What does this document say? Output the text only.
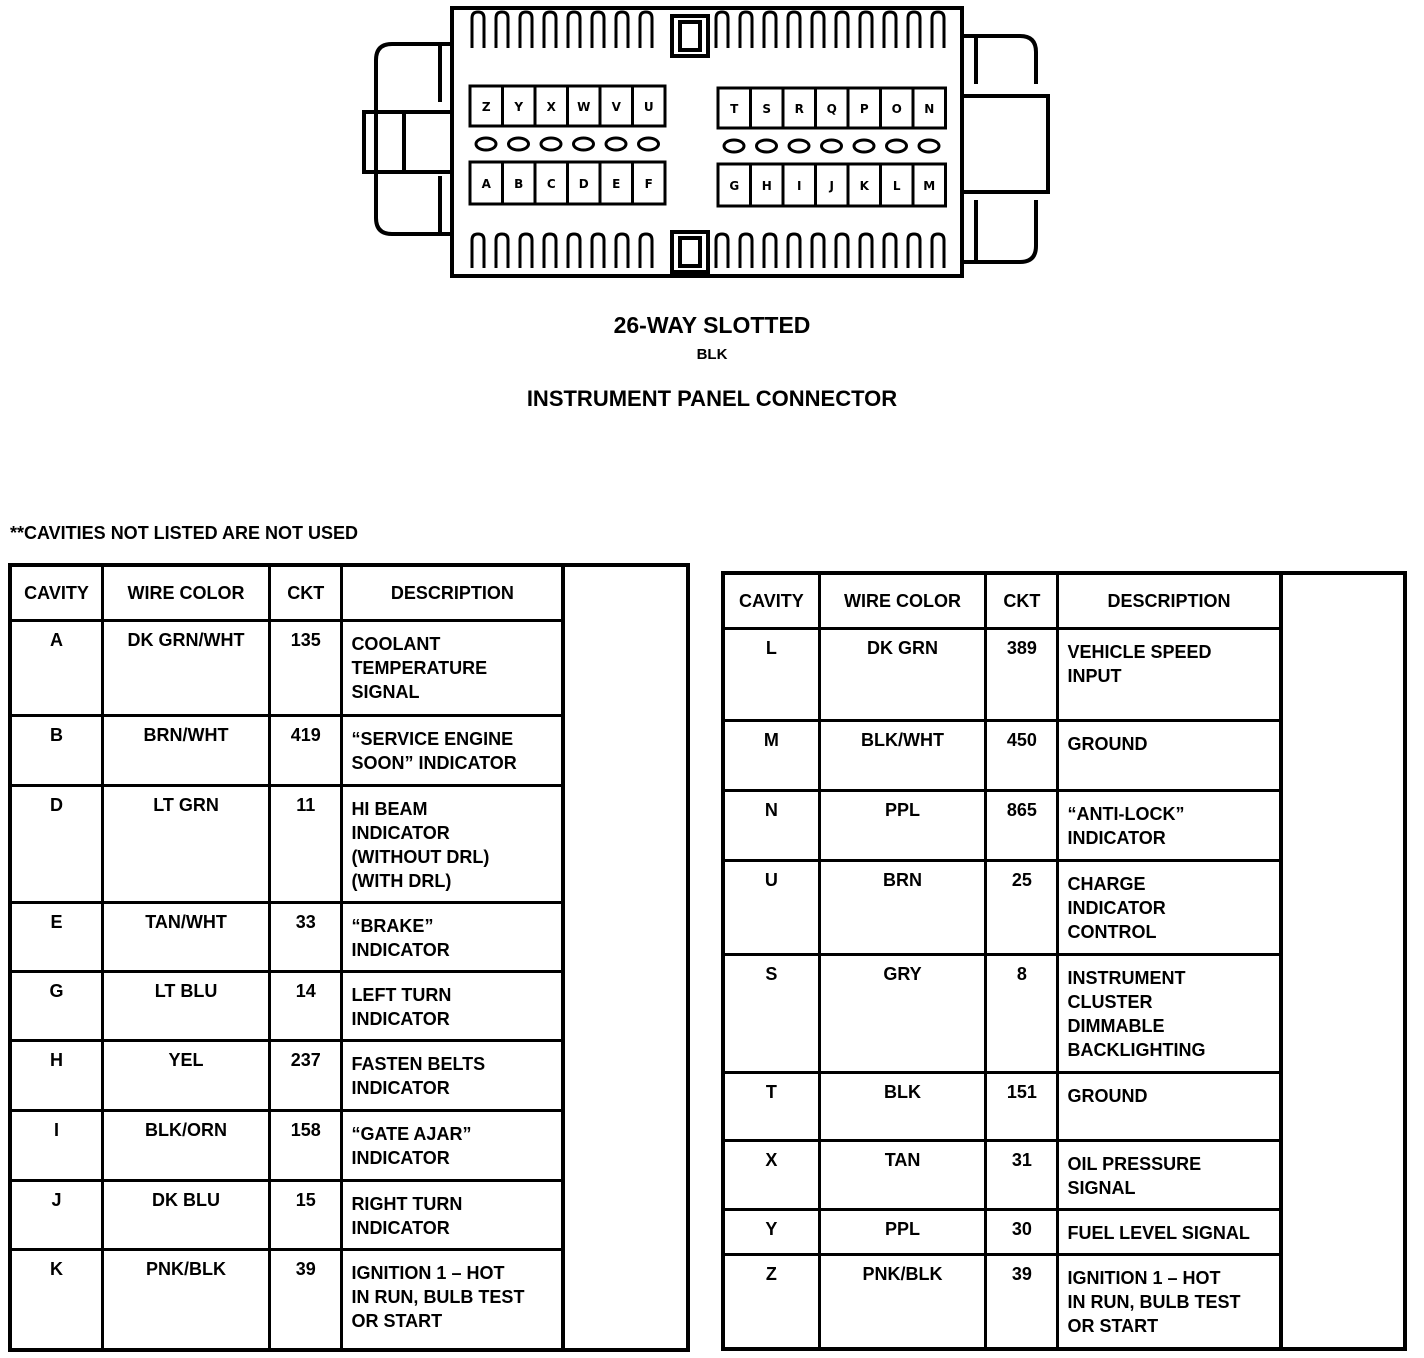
Z Y X W V U	T S R Q P O N
A B C D E F	G H I J K L M
26-WAY SLOTTED
BLK
INSTRUMENT PANEL CONNECTOR
**CAVITIES NOT LISTED ARE NOT USED
CAVITY	WIRE COLOR	CKT	DESCRIPTION	
A	DK GRN/WHT	135	COOLANT
TEMPERATURE
SIGNAL	
B	BRN/WHT	419	“SERVICE ENGINE
SOON” INDICATOR	
D	LT GRN	11	HI BEAM
INDICATOR
(WITHOUT DRL)
(WITH DRL)	
E	TAN/WHT	33	“BRAKE”
INDICATOR	
G	LT BLU	14	LEFT TURN
INDICATOR	
H	YEL	237	FASTEN BELTS
INDICATOR	
I	BLK/ORN	158	“GATE AJAR”
INDICATOR	
J	DK BLU	15	RIGHT TURN
INDICATOR	
K	PNK/BLK	39	IGNITION 1 – HOT
IN RUN, BULB TEST
OR START	
CAVITY	WIRE COLOR	CKT	DESCRIPTION	
L	DK GRN	389	VEHICLE SPEED
INPUT	
M	BLK/WHT	450	GROUND	
N	PPL	865	“ANTI-LOCK”
INDICATOR	
U	BRN	25	CHARGE
INDICATOR
CONTROL	
S	GRY	8	INSTRUMENT
CLUSTER
DIMMABLE
BACKLIGHTING	
T	BLK	151	GROUND	
X	TAN	31	OIL PRESSURE
SIGNAL	
Y	PPL	30	FUEL LEVEL SIGNAL	
Z	PNK/BLK	39	IGNITION 1 – HOT
IN RUN, BULB TEST
OR START	
